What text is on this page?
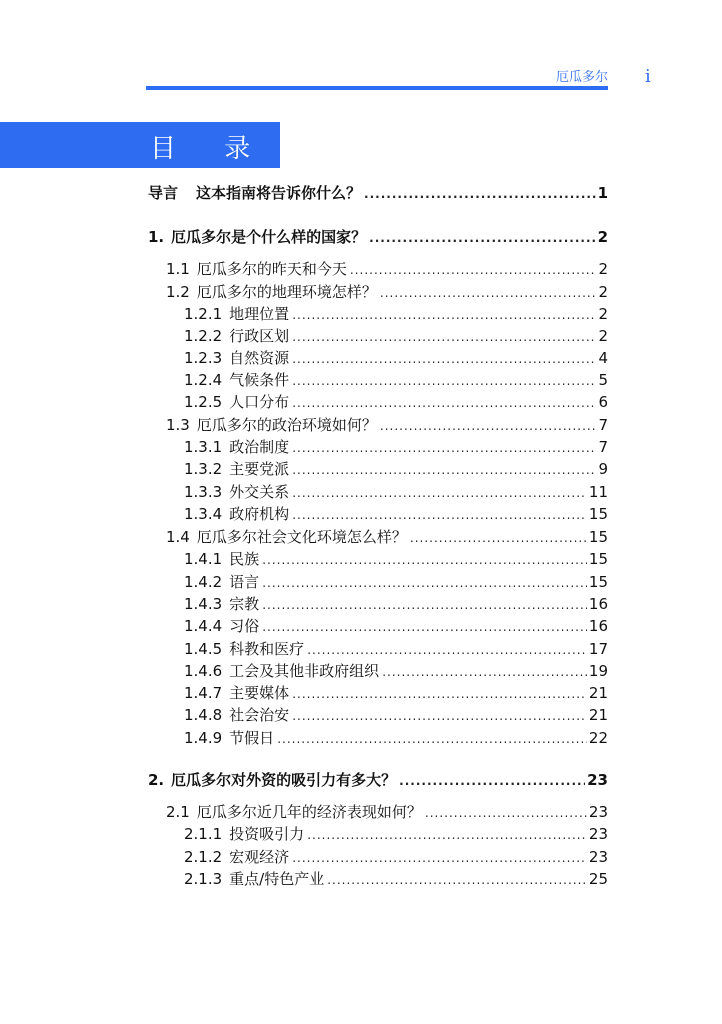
厄瓜多尔 i
目 录
导言 这本指南将告诉你什么？ .....	1
1. 厄瓜多尔是个什么样的国家？ .....	2
1.1 厄瓜多尔的昨天和今天 .....	2
1.2 厄瓜多尔的地理环境怎样？ .....	2
1.2.1 地理位置 .....	2
1.2.2 行政区划 .....	2
1.2.3 自然资源 .....	4
1.2.4 气候条件 .....	5
1.2.5 人口分布 .....	6
1.3 厄瓜多尔的政治环境如何？ .....	7
1.3.1 政治制度 .....	7
1.3.2 主要党派 .....	9
1.3.3 外交关系 .....	11
1.3.4 政府机构 .....	15
1.4 厄瓜多尔社会文化环境怎么样？ .....	15
1.4.1 民族 .....	15
1.4.2 语言 .....	15
1.4.3 宗教 .....	16
1.4.4 习俗 .....	16
1.4.5 科教和医疗 .....	17
1.4.6 工会及其他非政府组织 .....	19
1.4.7 主要媒体 .....	21
1.4.8 社会治安 .....	21
1.4.9 节假日 .....	22
2. 厄瓜多尔对外资的吸引力有多大？ .....	23
2.1 厄瓜多尔近几年的经济表现如何？ .....	23
2.1.1 投资吸引力 .....	23
2.1.2 宏观经济 .....	23
2.1.3 重点/特色产业 .....	25
